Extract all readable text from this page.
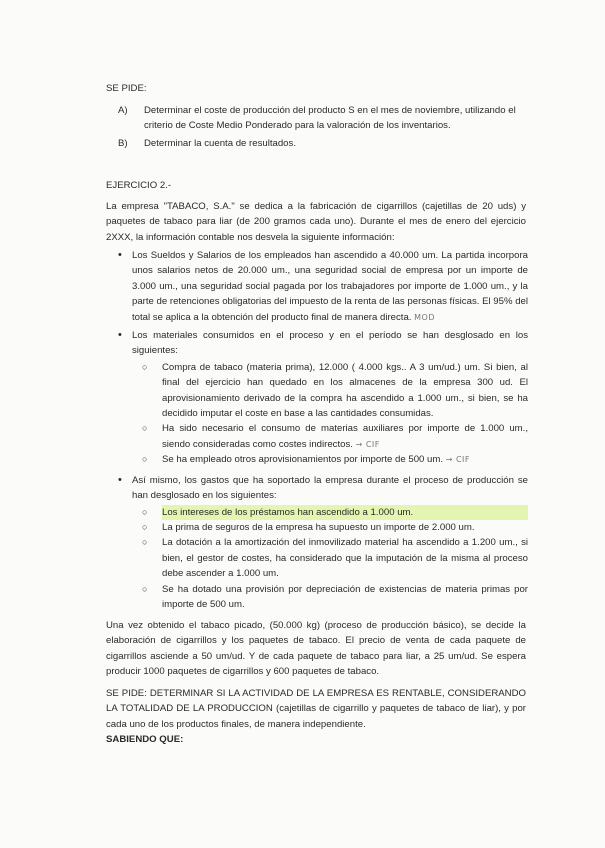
SE PIDE:
A)	Determinar el coste de producción del producto S en el mes de noviembre, utilizando el criterio de Coste Medio Ponderado para la valoración de los inventarios.
B)	Determinar la cuenta de resultados.
EJERCICIO 2.-
La empresa "TABACO, S.A." se dedica a la fabricación de cigarrillos (cajetillas de 20 uds) y paquetes de tabaco para liar (de 200 gramos cada uno). Durante el mes de enero del ejercicio 2XXX, la información contable nos desvela la siguiente información:
•	Los Sueldos y Salarios de los empleados han ascendido a 40.000 um. La partida incorpora unos salarios netos de 20.000 um., una seguridad social de empresa por un importe de 3.000 um., una seguridad social pagada por los trabajadores por importe de 1.000 um., y la parte de retenciones obligatorias del impuesto de la renta de las personas físicas. El 95% del total se aplica a la obtención del producto final de manera directa. MOD
•	Los materiales consumidos en el proceso y en el período se han desglosado en los siguientes:
○	Compra de tabaco (materia prima), 12.000 ( 4.000 kgs.. A 3 um/ud.) um. Si bien, al final del ejercicio han quedado en los almacenes de la empresa 300 ud. El aprovisionamiento derivado de la compra ha ascendido a 1.000 um., si bien, se ha decidido imputar el coste en base a las cantidades consumidas.
○	Ha sido necesario el consumo de materias auxiliares por importe de 1.000 um., siendo consideradas como costes indirectos. → CIF
○	Se ha empleado otros aprovisionamientos por importe de 500 um. → CIF
•	Así mismo, los gastos que ha soportado la empresa durante el proceso de producción se han desglosado en los siguientes:
○	Los intereses de los préstamos han ascendido a 1.000 um.
○	La prima de seguros de la empresa ha supuesto un importe de 2.000 um.
○	La dotación a la amortización del inmovilizado material ha ascendido a 1.200 um., si bien, el gestor de costes, ha considerado que la imputación de la misma al proceso debe ascender a 1.000 um.
○	Se ha dotado una provisión por depreciación de existencias de materia primas por importe de 500 um.
Una vez obtenido el tabaco picado, (50.000 kg) (proceso de producción básico), se decide la elaboración de cigarrillos y los paquetes de tabaco. El precio de venta de cada paquete de cigarrillos asciende a 50 um/ud. Y de cada paquete de tabaco para liar, a 25 um/ud. Se espera producir 1000 paquetes de cigarrillos y 600 paquetes de tabaco.
SE PIDE: DETERMINAR SI LA ACTIVIDAD DE LA EMPRESA ES RENTABLE, CONSIDERANDO LA TOTALIDAD DE LA PRODUCCION (cajetillas de cigarrillo y paquetes de tabaco de liar), y por cada uno de los productos finales, de manera independiente.
SABIENDO QUE:
